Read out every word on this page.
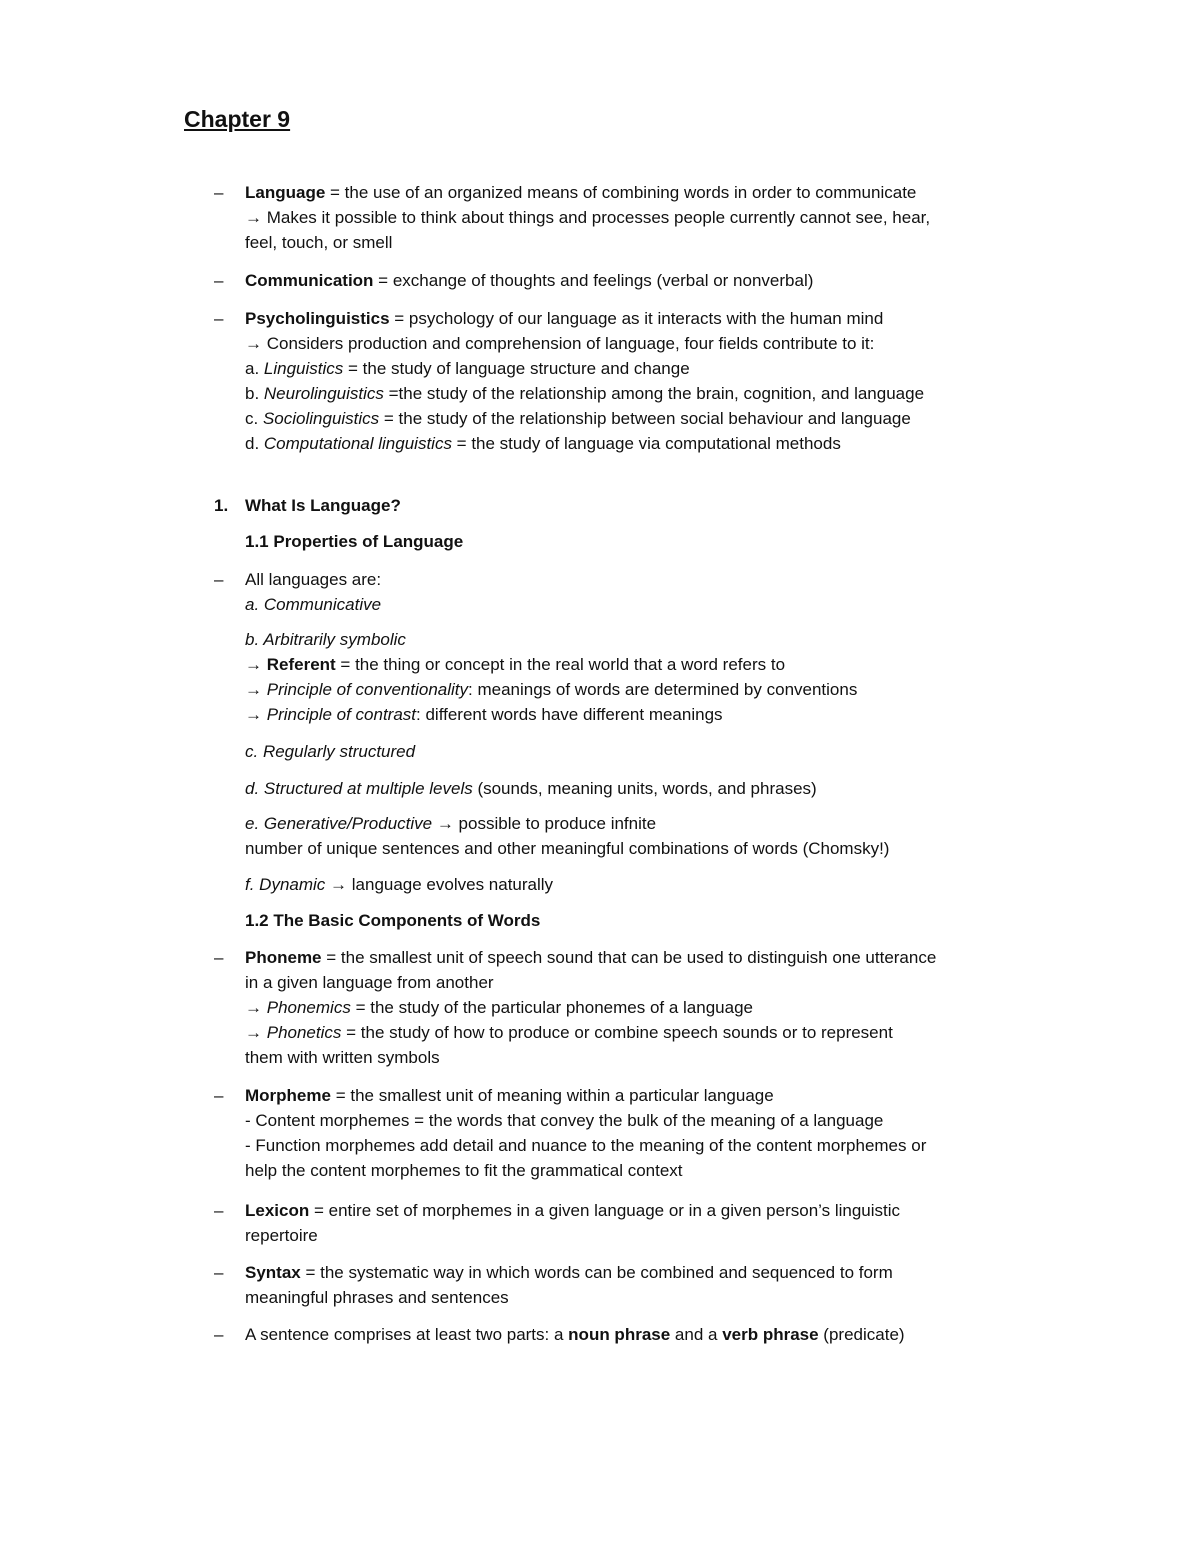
Chapter 9
–	Language = the use of an organized means of combining words in order to communicate
→ Makes it possible to think about things and processes people currently cannot see, hear,
feel, touch, or smell
–	Communication = exchange of thoughts and feelings (verbal or nonverbal)
–	Psycholinguistics = psychology of our language as it interacts with the human mind
→ Considers production and comprehension of language, four fields contribute to it:
a. Linguistics = the study of language structure and change
b. Neurolinguistics =the study of the relationship among the brain, cognition, and language
c. Sociolinguistics = the study of the relationship between social behaviour and language
d. Computational linguistics = the study of language via computational methods
1. What Is Language?
1.1 Properties of Language
–	All languages are:
a. Communicative
b. Arbitrarily symbolic
→ Referent = the thing or concept in the real world that a word refers to
→ Principle of conventionality: meanings of words are determined by conventions
→ Principle of contrast: different words have different meanings
c. Regularly structured
d. Structured at multiple levels (sounds, meaning units, words, and phrases)
e. Generative/Productive → possible to produce infnite
number of unique sentences and other meaningful combinations of words (Chomsky!)
f. Dynamic → language evolves naturally
1.2 The Basic Components of Words
–	Phoneme = the smallest unit of speech sound that can be used to distinguish one utterance
in a given language from another
→ Phonemics = the study of the particular phonemes of a language
→ Phonetics = the study of how to produce or combine speech sounds or to represent
them with written symbols
–	Morpheme = the smallest unit of meaning within a particular language
- Content morphemes = the words that convey the bulk of the meaning of a language
- Function morphemes add detail and nuance to the meaning of the content morphemes or
help the content morphemes to fit the grammatical context
–	Lexicon = entire set of morphemes in a given language or in a given person’s linguistic
repertoire
–	Syntax = the systematic way in which words can be combined and sequenced to form
meaningful phrases and sentences
–	A sentence comprises at least two parts: a noun phrase and a verb phrase (predicate)
